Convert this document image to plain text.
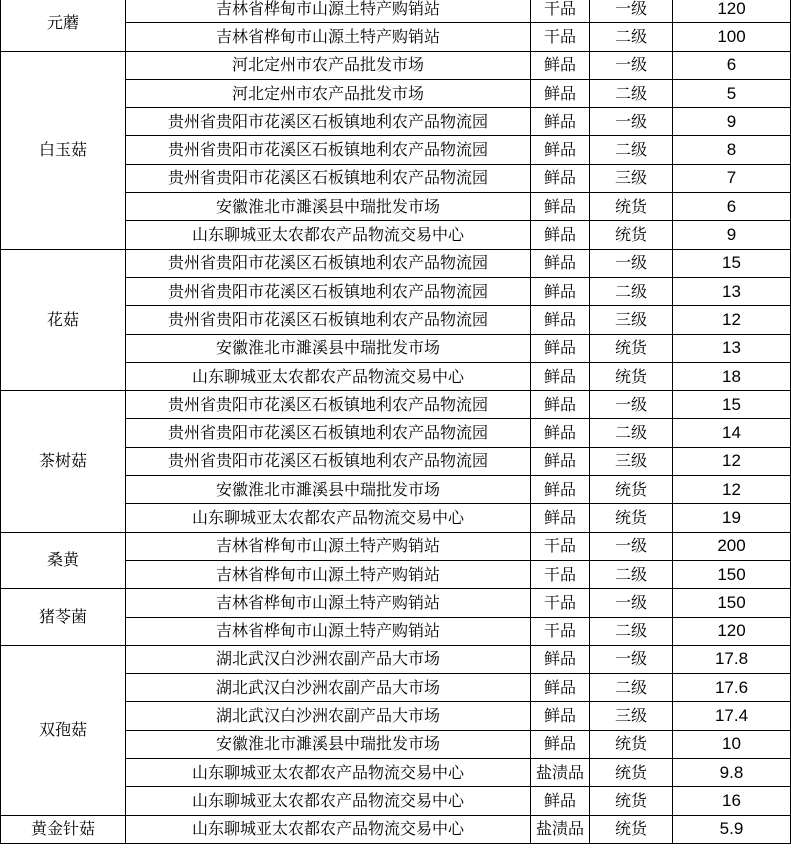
元蘑	吉林省桦甸市山源土特产购销站	干品	一级	120
	吉林省桦甸市山源土特产购销站	干品	二级	100
白玉菇	河北定州市农产品批发市场	鲜品	一级	6
	河北定州市农产品批发市场	鲜品	二级	5
	贵州省贵阳市花溪区石板镇地利农产品物流园	鲜品	一级	9
	贵州省贵阳市花溪区石板镇地利农产品物流园	鲜品	二级	8
	贵州省贵阳市花溪区石板镇地利农产品物流园	鲜品	三级	7
	安徽淮北市濉溪县中瑞批发市场	鲜品	统货	6
	山东聊城亚太农都农产品物流交易中心	鲜品	统货	9
花菇	贵州省贵阳市花溪区石板镇地利农产品物流园	鲜品	一级	15
	贵州省贵阳市花溪区石板镇地利农产品物流园	鲜品	二级	13
	贵州省贵阳市花溪区石板镇地利农产品物流园	鲜品	三级	12
	安徽淮北市濉溪县中瑞批发市场	鲜品	统货	13
	山东聊城亚太农都农产品物流交易中心	鲜品	统货	18
茶树菇	贵州省贵阳市花溪区石板镇地利农产品物流园	鲜品	一级	15
	贵州省贵阳市花溪区石板镇地利农产品物流园	鲜品	二级	14
	贵州省贵阳市花溪区石板镇地利农产品物流园	鲜品	三级	12
	安徽淮北市濉溪县中瑞批发市场	鲜品	统货	12
	山东聊城亚太农都农产品物流交易中心	鲜品	统货	19
桑黄	吉林省桦甸市山源土特产购销站	干品	一级	200
	吉林省桦甸市山源土特产购销站	干品	二级	150
猪苓菌	吉林省桦甸市山源土特产购销站	干品	一级	150
	吉林省桦甸市山源土特产购销站	干品	二级	120
双孢菇	湖北武汉白沙洲农副产品大市场	鲜品	一级	17.8
	湖北武汉白沙洲农副产品大市场	鲜品	二级	17.6
	湖北武汉白沙洲农副产品大市场	鲜品	三级	17.4
	安徽淮北市濉溪县中瑞批发市场	鲜品	统货	10
	山东聊城亚太农都农产品物流交易中心	盐渍品	统货	9.8
	山东聊城亚太农都农产品物流交易中心	鲜品	统货	16
黄金针菇	山东聊城亚太农都农产品物流交易中心	盐渍品	统货	5.9
